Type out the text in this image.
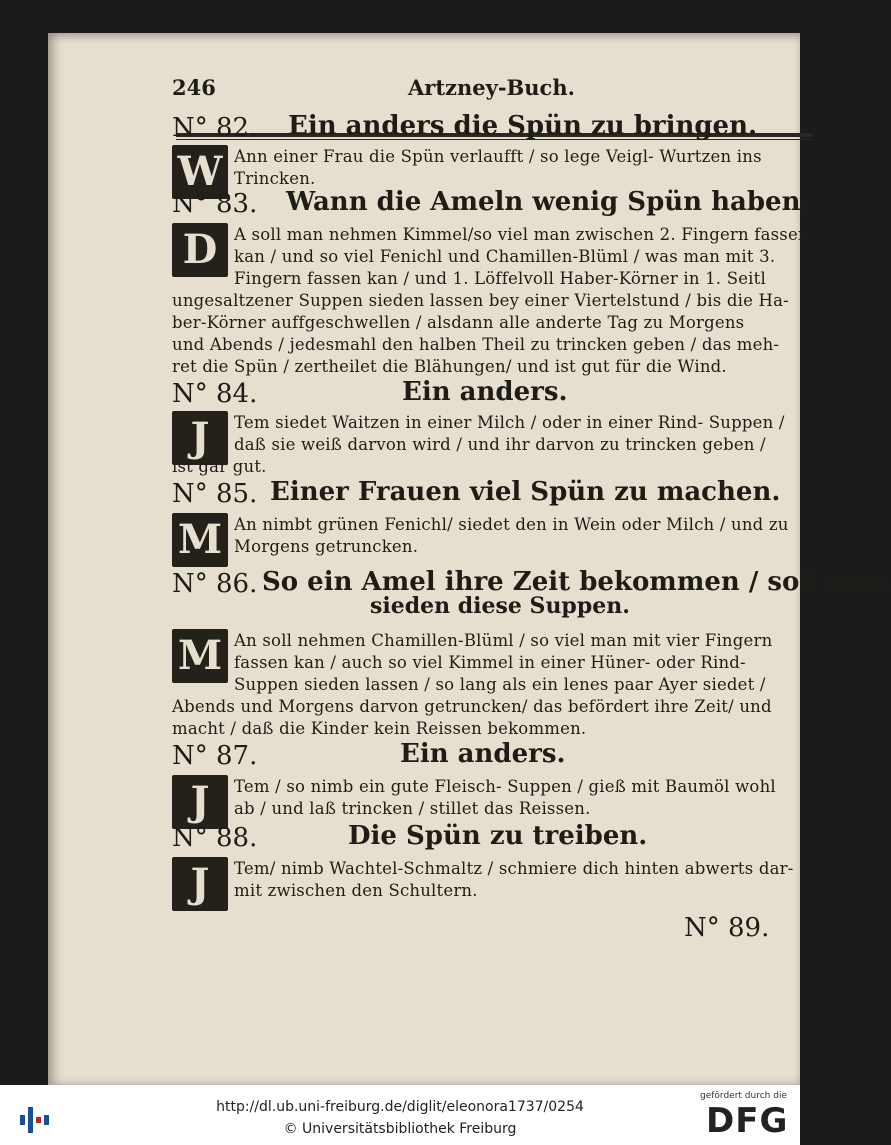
246	Artzney-Buch.
N° 82. Ein anders die Spün zu bringen.
W Ann einer Frau die Spün verlaufft / so lege Veigl- Wurtzen ins
Trincken.
N° 83. Wann die Ameln wenig Spün haben.
D	A soll man nehmen Kimmel/so viel man zwischen 2. Fingern fassen
kan / und so viel Fenichl und Chamillen-Blüml / was man mit 3.
Fingern fassen kan / und 1. Löffelvoll Haber-Körner in 1. Seitl
ungesaltzener Suppen sieden lassen bey einer Viertelstund / bis die Ha-
ber-Körner auffgeschwellen / alsdann alle anderte Tag zu Morgens
und Abends / jedesmahl den halben Theil zu trincken geben / das meh-
ret die Spün / zertheilet die Blähungen/ und ist gut für die Wind.
N° 84.	Ein anders.
J	Tem siedet Waitzen in einer Milch / oder in einer Rind- Suppen /
daß sie weiß darvon wird / und ihr darvon zu trincken geben /
ist gar gut.
N° 85. Einer Frauen viel Spün zu machen.
M An nimbt grünen Fenichl/ siedet den in Wein oder Milch / und zu
Morgens getruncken.
N° 86. So ein Amel ihre Zeit bekommen / soll man
sieden diese Suppen.
M An soll nehmen Chamillen-Blüml / so viel man mit vier Fingern
fassen kan / auch so viel Kimmel in einer Hüner- oder Rind-
Suppen sieden lassen / so lang als ein lenes paar Ayer siedet /
Abends und Morgens darvon getruncken/ das befördert ihre Zeit/ und
macht / daß die Kinder kein Reissen bekommen.
N° 87.	Ein anders.
J	Tem / so nimb ein gute Fleisch- Suppen / gieß mit Baumöl wohl
ab / und laß trincken / stillet das Reissen.
N° 88.	Die Spün zu treiben.
J	Tem/ nimb Wachtel-Schmaltz / schmiere dich hinten abwerts dar-
mit zwischen den Schultern.
N° 89.
http://dl.ub.uni-freiburg.de/diglit/eleonora1737/0254
© Universitätsbibliothek Freiburg
gefördert durch die
DFG
